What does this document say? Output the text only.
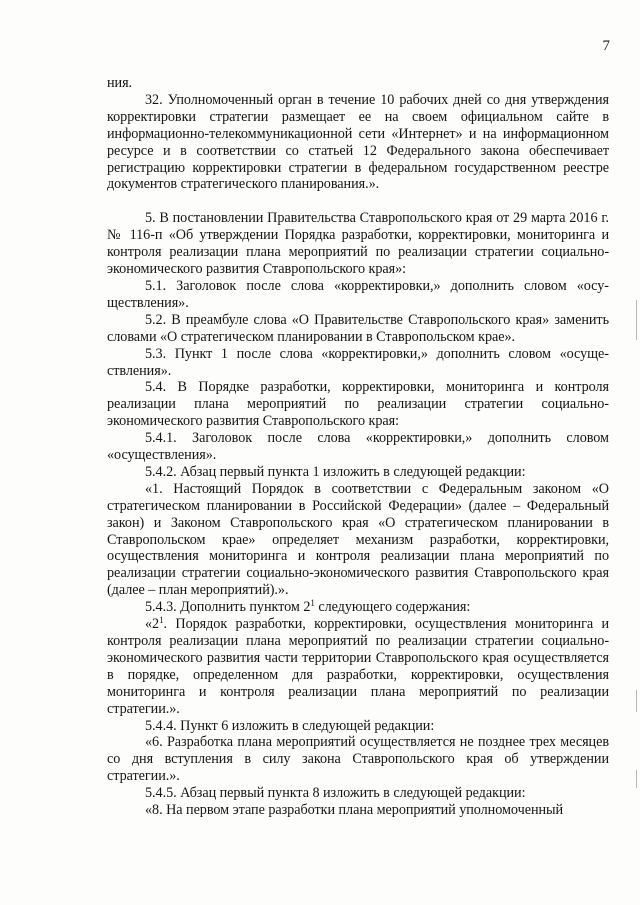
7

ния.

32. Уполномоченный орган в течение 10 рабочих дней со дня утверждения корректировки стратегии размещает ее на своем официальном сайте в информационно-телекоммуникационной сети «Интернет» и на информационном ресурсе и в соответствии со статьей 12 Федерального закона обеспечивает регистрацию корректировки стратегии в федеральном государственном реестре документов стратегического планирования.».

5. В постановлении Правительства Ставропольского края от 29 марта 2016 г. № 116-п «Об утверждении Порядка разработки, корректировки, мониторинга и контроля реализации плана мероприятий по реализации стратегии социально-экономического развития Ставропольского края»:

5.1. Заголовок после слова «корректировки,» дополнить словом «осуществления».

5.2. В преамбуле слова «О Правительстве Ставропольского края» заменить словами «О стратегическом планировании в Ставропольском крае».

5.3. Пункт 1 после слова «корректировки,» дополнить словом «осуществления».

5.4. В Порядке разработки, корректировки, мониторинга и контроля реализации плана мероприятий по реализации стратегии социально-экономического развития Ставропольского края:

5.4.1. Заголовок после слова «корректировки,» дополнить словом «осуществления».

5.4.2. Абзац первый пункта 1 изложить в следующей редакции:

«1. Настоящий Порядок в соответствии с Федеральным законом «О стратегическом планировании в Российской Федерации» (далее – Федеральный закон) и Законом Ставропольского края «О стратегическом планировании в Ставропольском крае» определяет механизм разработки, корректировки, осуществления мониторинга и контроля реализации плана мероприятий по реализации стратегии социально-экономического развития Ставропольского края (далее – план мероприятий).».

5.4.3. Дополнить пунктом $2^1$ следующего содержания:

«$2^1$. Порядок разработки, корректировки, осуществления мониторинга и контроля реализации плана мероприятий по реализации стратегии социально-экономического развития части территории Ставропольского края осуществляется в порядке, определенном для разработки, корректировки, осуществления мониторинга и контроля реализации плана мероприятий по реализации стратегии.».

5.4.4. Пункт 6 изложить в следующей редакции:

«6. Разработка плана мероприятий осуществляется не позднее трех месяцев со дня вступления в силу закона Ставропольского края об утверждении стратегии.».

5.4.5. Абзац первый пункта 8 изложить в следующей редакции:

«8. На первом этапе разработки плана мероприятий уполномоченный
